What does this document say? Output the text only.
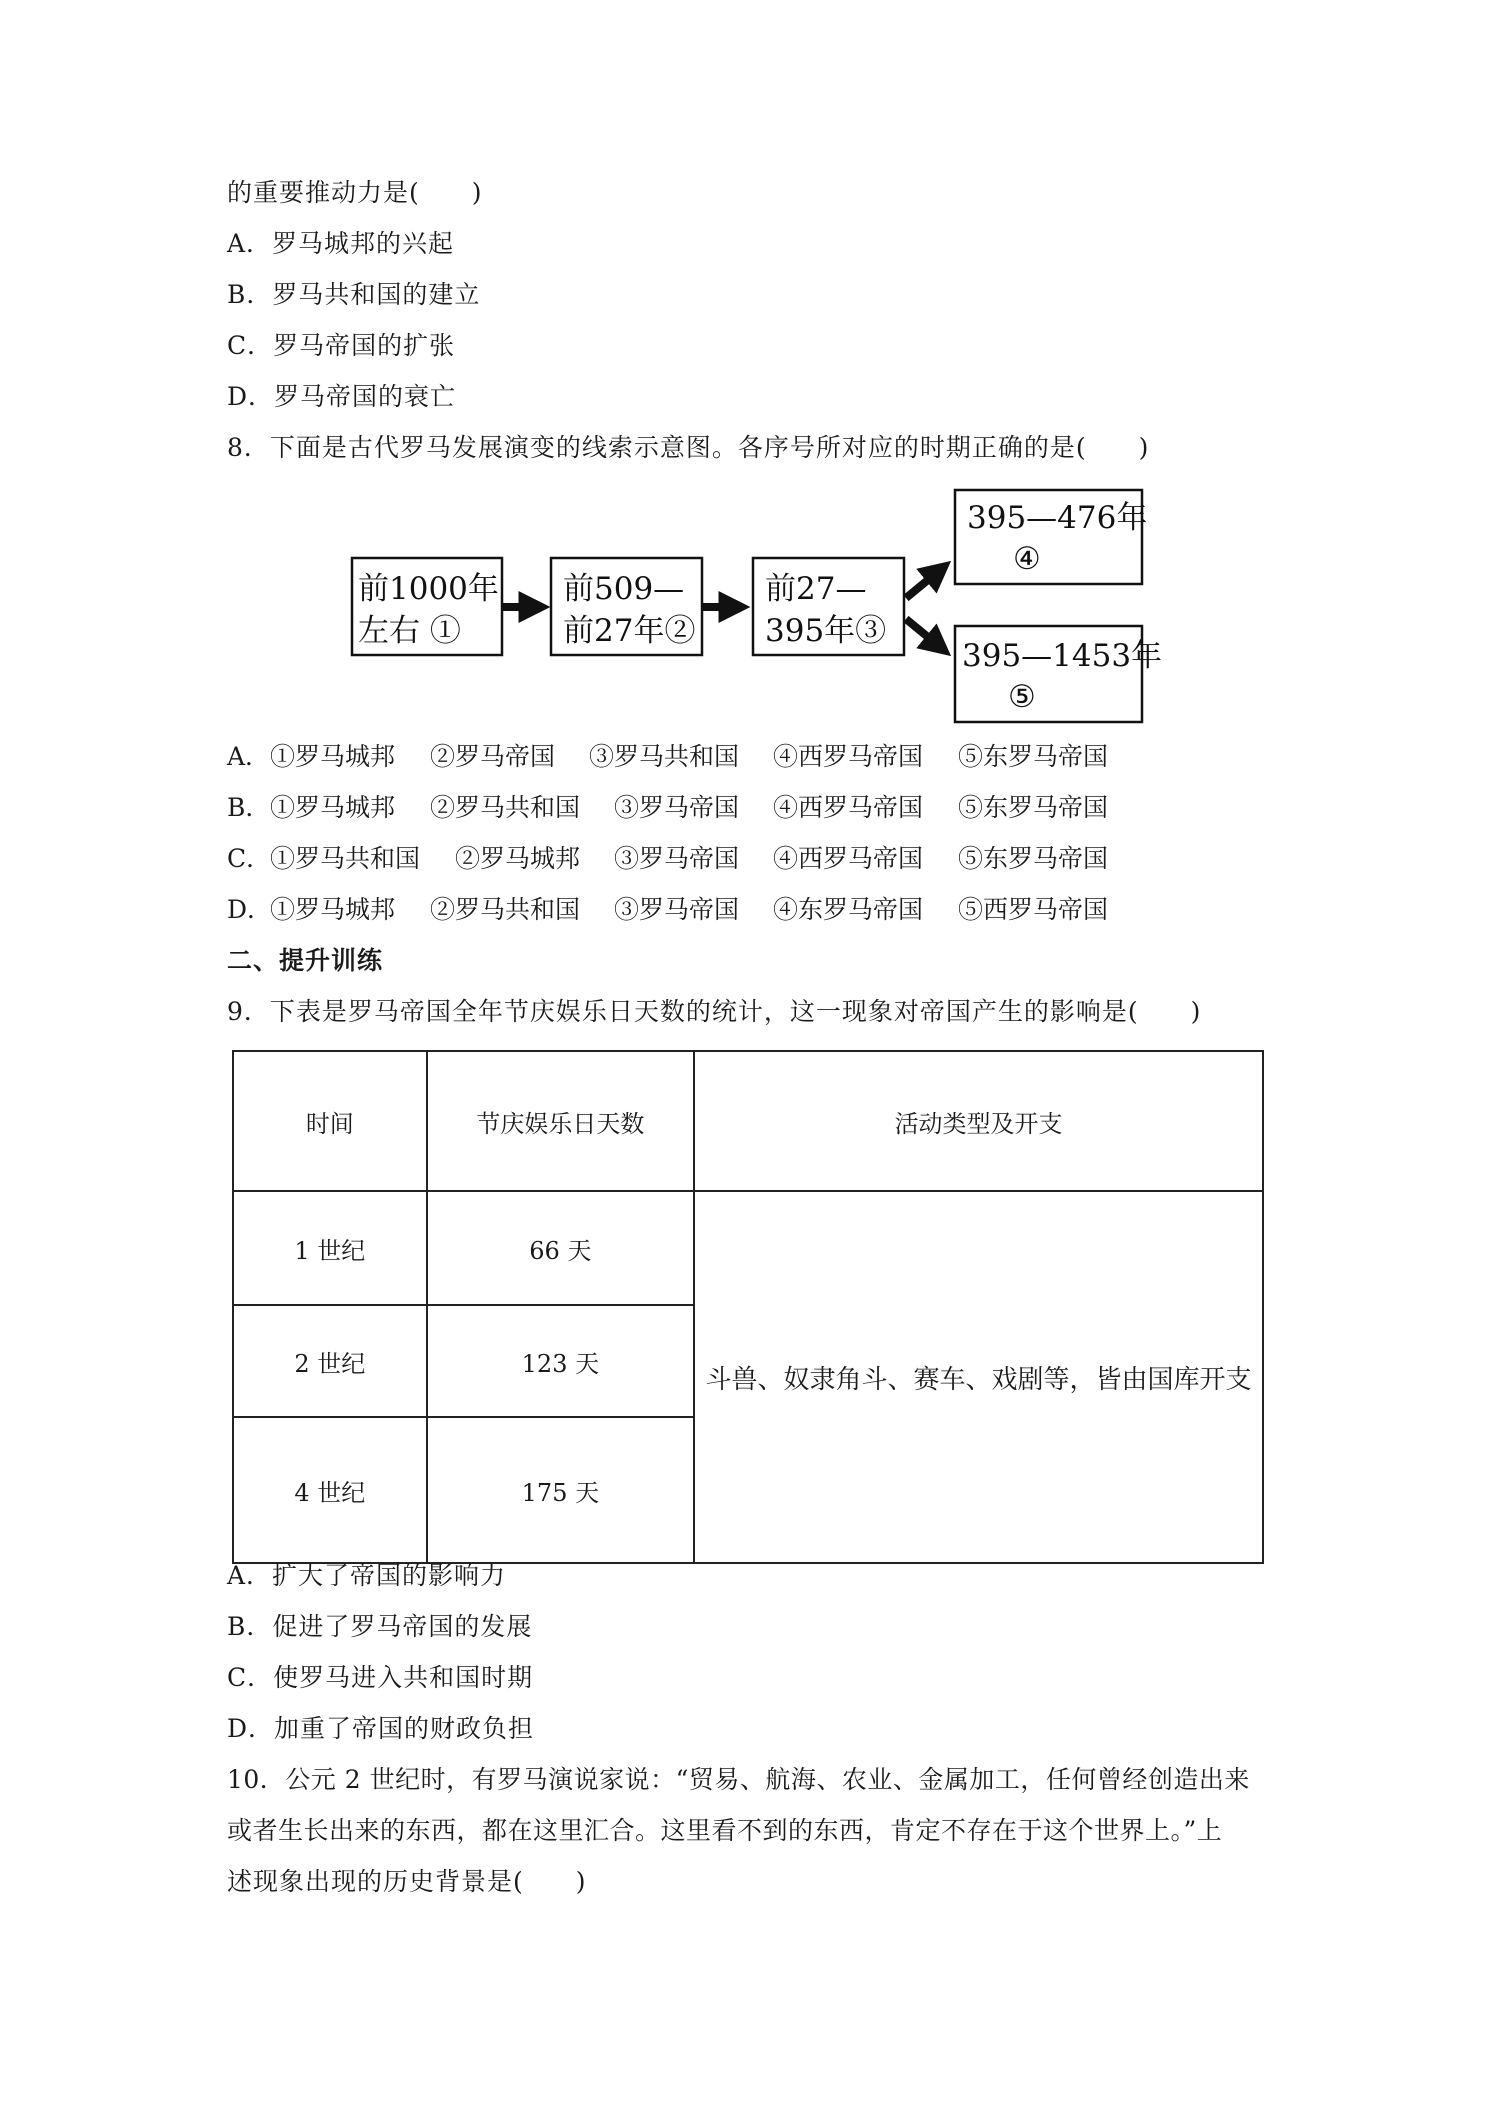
的重要推动力是(　　)
A．罗马城邦的兴起
B．罗马共和国的建立
C．罗马帝国的扩张
D．罗马帝国的衰亡
8．下面是古代罗马发展演变的线索示意图。各序号所对应的时期正确的是(　　)
前1000年
左右 ①
前509—
前27年②
前27—
395年③
395—476年
④
395—1453年
⑤
A． ①罗马城邦 ②罗马帝国 ③罗马共和国 ④西罗马帝国 ⑤东罗马帝国
B． ①罗马城邦 ②罗马共和国 ③罗马帝国 ④西罗马帝国 ⑤东罗马帝国
C．
①罗马共和国 ②罗马城邦 ③罗马帝国 ④西罗马帝国 ⑤东罗马帝国
D．
①罗马城邦 ②罗马共和国 ③罗马帝国 ④东罗马帝国 ⑤西罗马帝国
二、提升训练
9．下表是罗马帝国全年节庆娱乐日天数的统计，这一现象对帝国产生的影响是(　　)
时间	节庆娱乐日天数	活动类型及开支
1 世纪	66 天	斗兽、奴隶角斗、赛车、戏剧等，皆由国库开支
2 世纪	123 天	
4 世纪	175 天	
A．扩大了帝国的影响力
B．促进了罗马帝国的发展
C．使罗马进入共和国时期
D．加重了帝国的财政负担
10．公元 2 世纪时，有罗马演说家说：“贸易、航海、农业、金属加工，任何曾经创造出来
或者生长出来的东西，都在这里汇合。这里看不到的东西，肯定不存在于这个世界上。”上
述现象出现的历史背景是(　　)
